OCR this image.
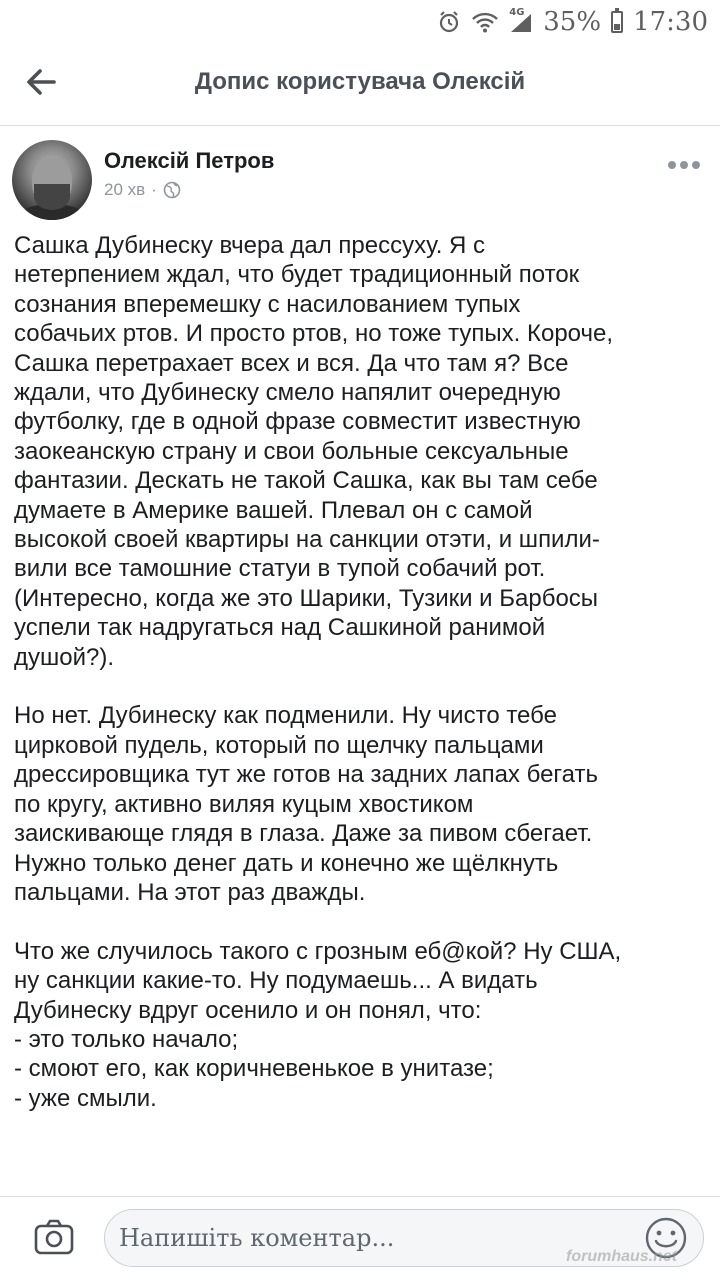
4G 35% 17:30
Допис користувача Олексій
Олексій Петров
20 хв ·

Сашка Дубинеску вчера дал прессуху. Я с
нетерпением ждал, что будет традиционный поток
сознания вперемешку с насилованием тупых
собачьих ртов. И просто ртов, но тоже тупых. Короче,
Сашка перетрахает всех и вся. Да что там я? Все
ждали, что Дубинеску смело напялит очередную
футболку, где в одной фразе совместит известную
заокеанскую страну и свои больные сексуальные
фантазии. Дескать не такой Сашка, как вы там себе
думаете в Америке вашей. Плевал он с самой
высокой своей квартиры на санкции отэти, и шпили-
вили все тамошние статуи в тупой собачий рот.
(Интересно, когда же это Шарики, Тузики и Барбосы
успели так надругаться над Сашкиной ранимой
душой?).

Но нет. Дубинеску как подменили. Ну чисто тебе
цирковой пудель, который по щелчку пальцами
дрессировщика тут же готов на задних лапах бегать
по кругу, активно виляя куцым хвостиком
заискивающе глядя в глаза. Даже за пивом сбегает.
Нужно только денег дать и конечно же щёлкнуть
пальцами. На этот раз дважды.

Что же случилось такого с грозным еб@кой? Ну США,
ну санкции какие-то. Ну подумаешь... А видать
Дубинеску вдруг осенило и он понял, что:
- это только начало;
- смоют его, как коричневенькое в унитазе;
- уже смыли.

Напишіть коментар...
forumhaus.net
